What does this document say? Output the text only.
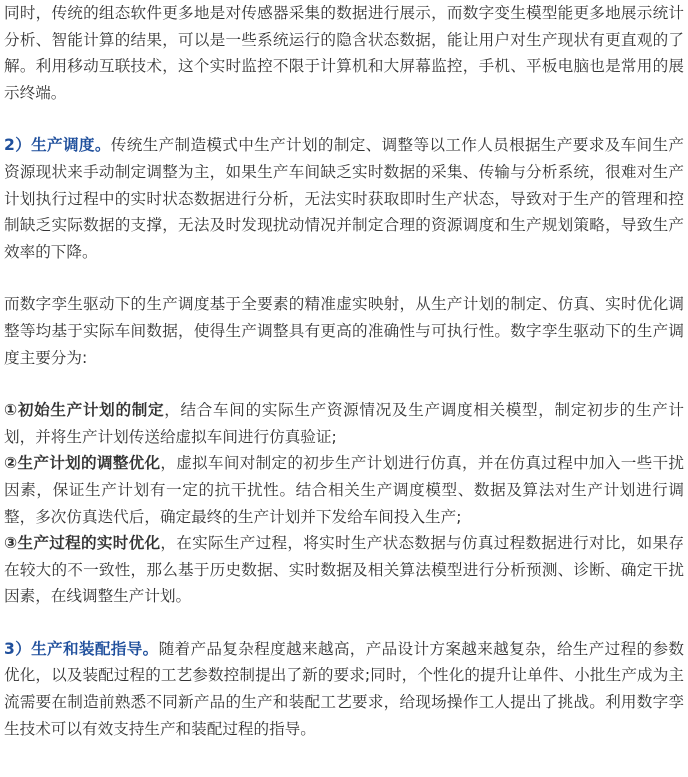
同时，传统的组态软件更多地是对传感器采集的数据进行展示，而数字变生模型能更多地展示统计分析、智能计算的结果，可以是一些系统运行的隐含状态数据，能让用户对生产现状有更直观的了解。利用移动互联技术，这个实时监控不限于计算机和大屏幕监控，手机、平板电脑也是常用的展示终端。

2）生产调度。传统生产制造模式中生产计划的制定、调整等以工作人员根据生产要求及车间生产资源现状来手动制定调整为主，如果生产车间缺乏实时数据的采集、传输与分析系统，很难对生产计划执行过程中的实时状态数据进行分析，无法实时获取即时生产状态，导致对于生产的管理和控制缺乏实际数据的支撑，无法及时发现扰动情况并制定合理的资源调度和生产规划策略，导致生产效率的下降。

而数字孪生驱动下的生产调度基于全要素的精准虚实映射，从生产计划的制定、仿真、实时优化调整等均基于实际车间数据，使得生产调整具有更高的准确性与可执行性。数字孪生驱动下的生产调度主要分为:

①初始生产计划的制定，结合车间的实际生产资源情况及生产调度相关模型，制定初步的生产计划，并将生产计划传送给虚拟车间进行仿真验证;

②生产计划的调整优化，虚拟车间对制定的初步生产计划进行仿真，并在仿真过程中加入一些干扰因素，保证生产计划有一定的抗干扰性。结合相关生产调度模型、数据及算法对生产计划进行调整，多次仿真迭代后，确定最终的生产计划并下发给车间投入生产;

③生产过程的实时优化，在实际生产过程，将实时生产状态数据与仿真过程数据进行对比，如果存在较大的不一致性，那么基于历史数据、实时数据及相关算法模型进行分析预测、诊断、确定干扰因素，在线调整生产计划。

3）生产和装配指导。随着产品复杂程度越来越高，产品设计方案越来越复杂，给生产过程的参数优化，以及装配过程的工艺参数控制提出了新的要求;同时，个性化的提升让单件、小批生产成为主流需要在制造前熟悉不同新产品的生产和装配工艺要求，给现场操作工人提出了挑战。利用数字孪生技术可以有效支持生产和装配过程的指导。
